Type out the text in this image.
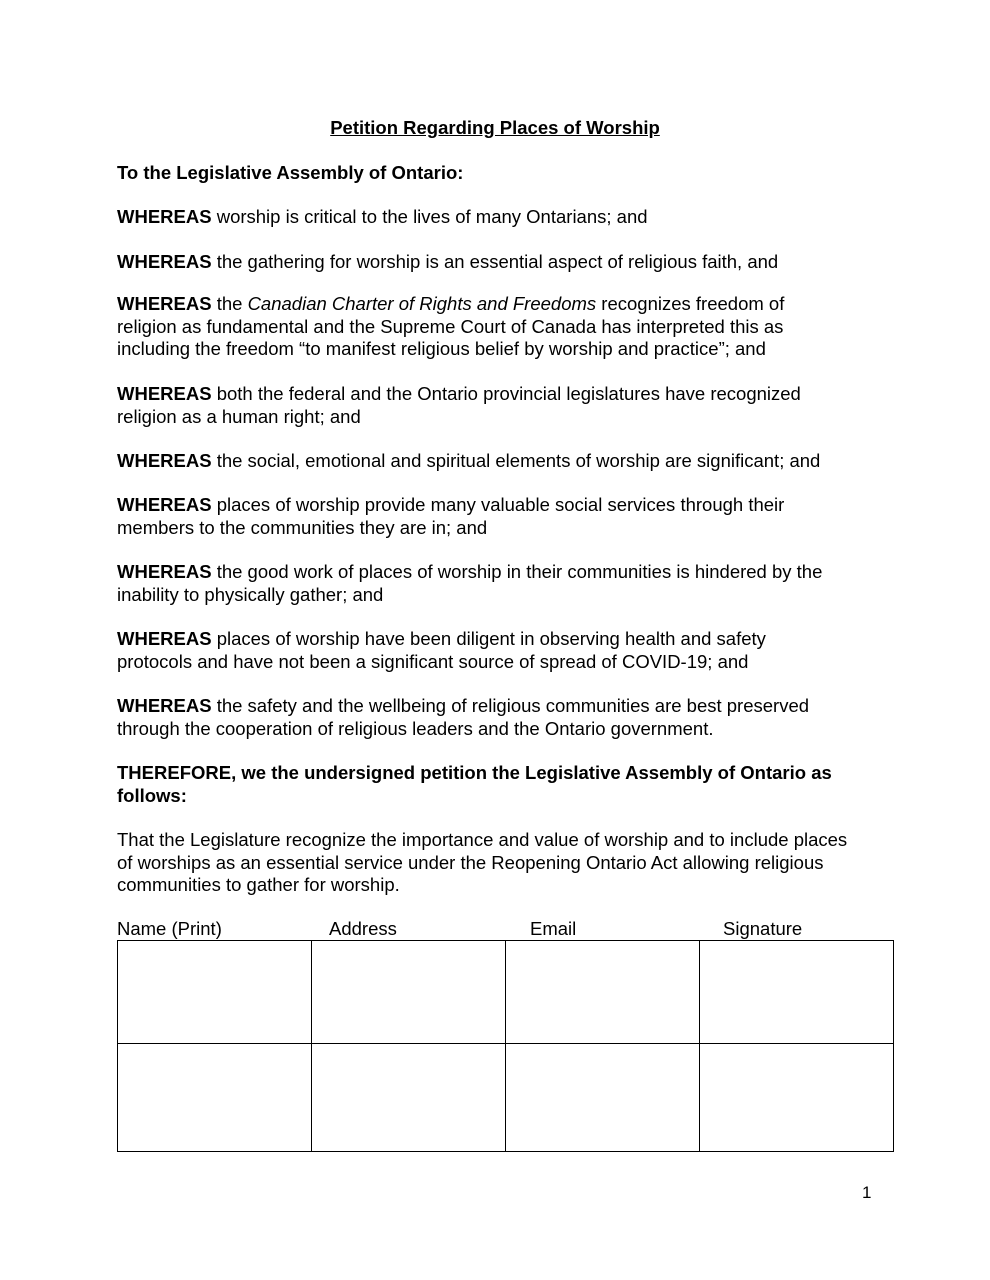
Petition Regarding Places of Worship

To the Legislative Assembly of Ontario:

WHEREAS worship is critical to the lives of many Ontarians; and

WHEREAS the gathering for worship is an essential aspect of religious faith, and

WHEREAS the Canadian Charter of Rights and Freedoms recognizes freedom of religion as fundamental and the Supreme Court of Canada has interpreted this as including the freedom “to manifest religious belief by worship and practice”; and

WHEREAS both the federal and the Ontario provincial legislatures have recognized religion as a human right; and

WHEREAS the social, emotional and spiritual elements of worship are significant; and

WHEREAS places of worship provide many valuable social services through their members to the communities they are in; and

WHEREAS the good work of places of worship in their communities is hindered by the inability to physically gather; and

WHEREAS places of worship have been diligent in observing health and safety protocols and have not been a significant source of spread of COVID-19; and

WHEREAS the safety and the wellbeing of religious communities are best preserved through the cooperation of religious leaders and the Ontario government.

THEREFORE, we the undersigned petition the Legislative Assembly of Ontario as follows:

That the Legislature recognize the importance and value of worship and to include places of worships as an essential service under the Reopening Ontario Act allowing religious communities to gather for worship.

Name (Print)	Address	Email	Signature

1
